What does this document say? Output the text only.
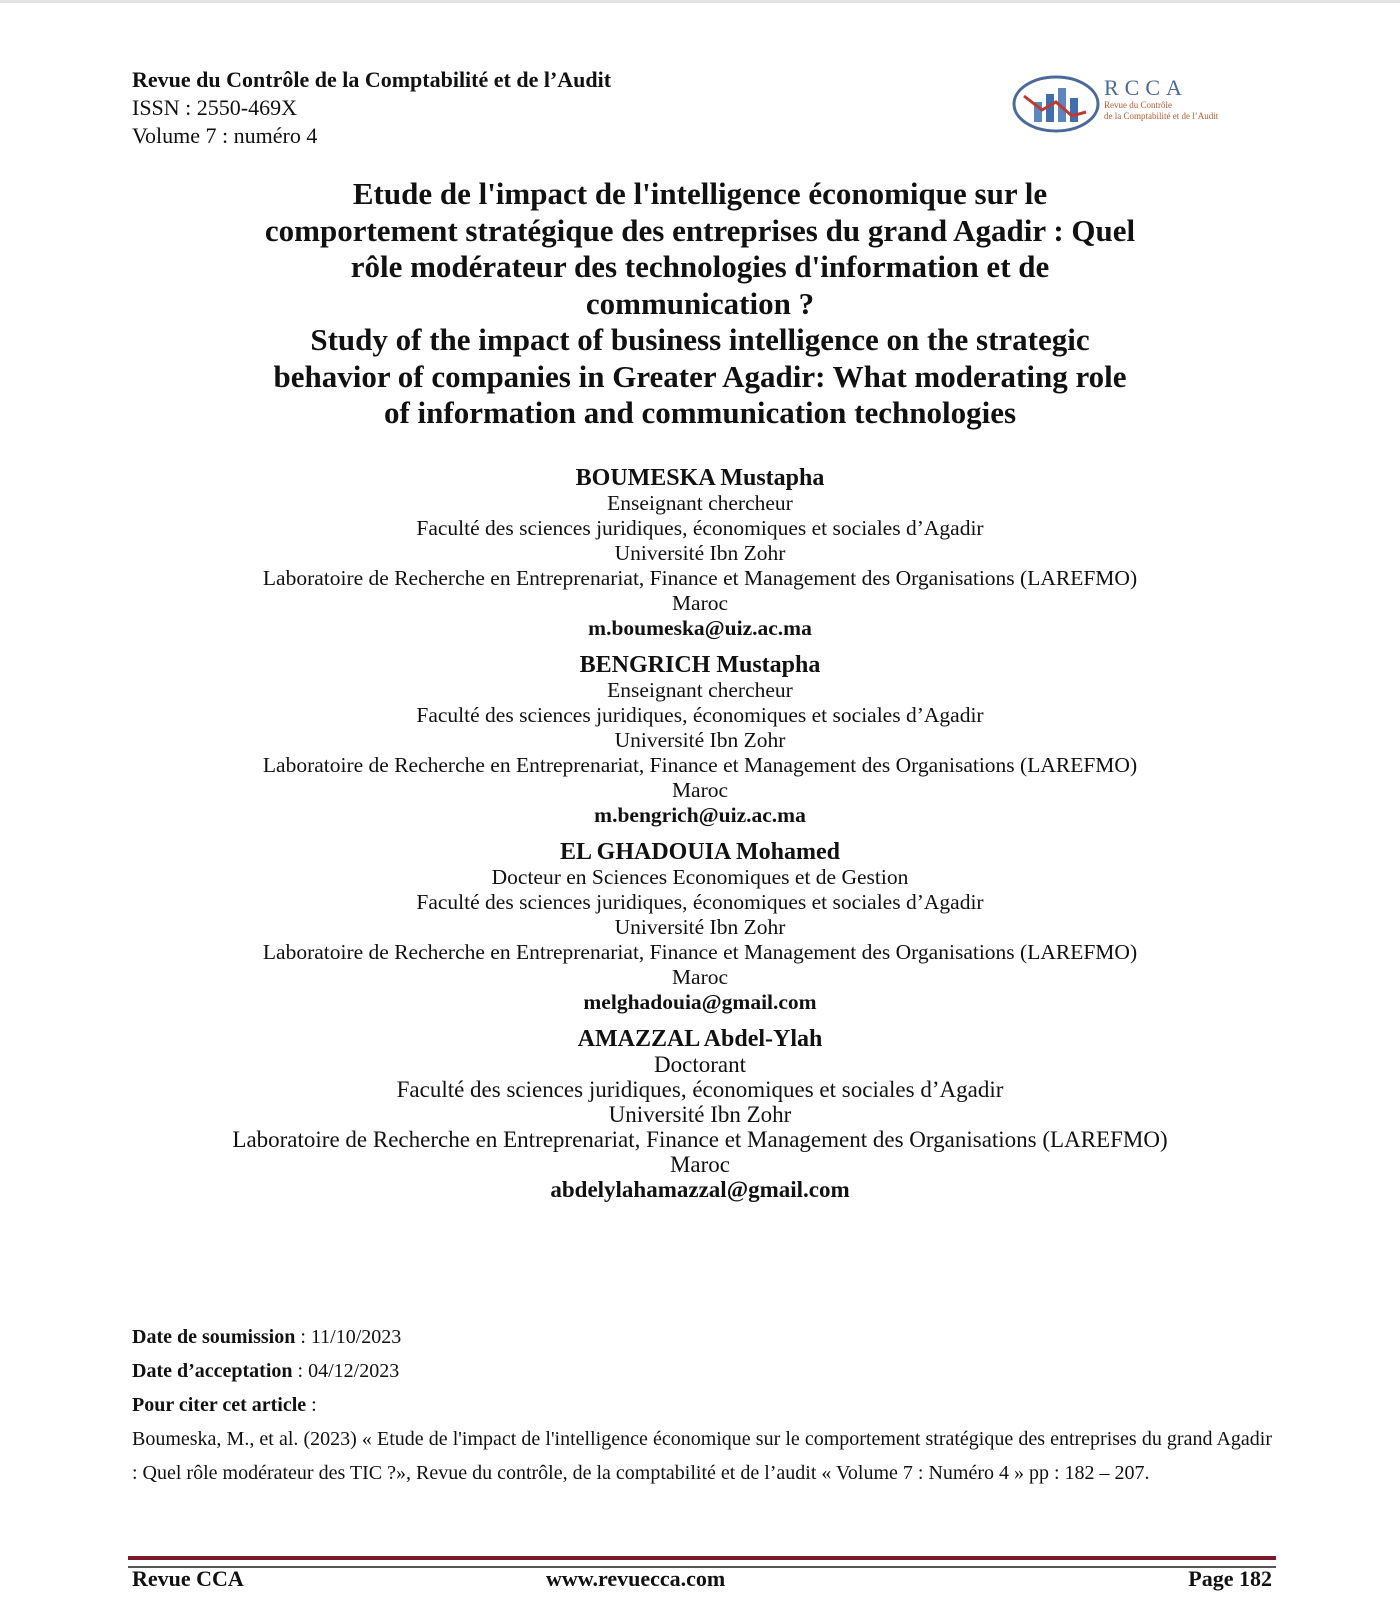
Revue du Contrôle de la Comptabilité et de l’Audit
ISSN : 2550-469X
Volume 7 : numéro 4
RCCA
Revue du Contrôle
de la Comptabilité et de l’Audit
Etude de l'impact de l'intelligence économique sur le
comportement stratégique des entreprises du grand Agadir : Quel
rôle modérateur des technologies d'information et de
communication ?
Study of the impact of business intelligence on the strategic
behavior of companies in Greater Agadir: What moderating role
of information and communication technologies
BOUMESKA Mustapha
Enseignant chercheur
Faculté des sciences juridiques, économiques et sociales d’Agadir
Université Ibn Zohr
Laboratoire de Recherche en Entreprenariat, Finance et Management des Organisations (LAREFMO)
Maroc
m.boumeska@uiz.ac.ma
BENGRICH Mustapha
Enseignant chercheur
Faculté des sciences juridiques, économiques et sociales d’Agadir
Université Ibn Zohr
Laboratoire de Recherche en Entreprenariat, Finance et Management des Organisations (LAREFMO)
Maroc
m.bengrich@uiz.ac.ma
EL GHADOUIA Mohamed
Docteur en Sciences Economiques et de Gestion
Faculté des sciences juridiques, économiques et sociales d’Agadir
Université Ibn Zohr
Laboratoire de Recherche en Entreprenariat, Finance et Management des Organisations (LAREFMO)
Maroc
melghadouia@gmail.com
AMAZZAL Abdel-Ylah
Doctorant
Faculté des sciences juridiques, économiques et sociales d’Agadir
Université Ibn Zohr
Laboratoire de Recherche en Entreprenariat, Finance et Management des Organisations (LAREFMO)
Maroc
abdelylahamazzal@gmail.com
Date de soumission : 11/10/2023
Date d’acceptation : 04/12/2023
Pour citer cet article :
Boumeska, M., et al. (2023) « Etude de l'impact de l'intelligence économique sur le comportement stratégique des entreprises du grand Agadir : Quel rôle modérateur des TIC ?», Revue du contrôle, de la comptabilité et de l’audit « Volume 7 : Numéro 4 » pp : 182 – 207.
Revue CCA	www.revuecca.com	Page 182
